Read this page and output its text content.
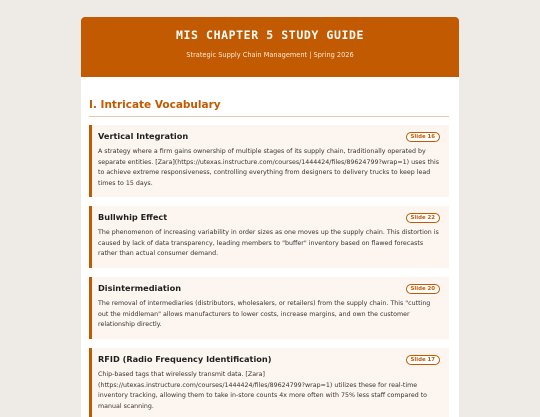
MIS CHAPTER 5 STUDY GUIDE
Strategic Supply Chain Management | Spring 2026
I. Intricate Vocabulary
Vertical Integration	Slide 16
A strategy where a firm gains ownership of multiple stages of its supply chain, traditionally operated by separate entities. [Zara](https://utexas.instructure.com/courses/1444424/files/89624799?wrap=1) uses this to achieve extreme responsiveness, controlling everything from designers to delivery trucks to keep lead times to 15 days.
Bullwhip Effect	Slide 22
The phenomenon of increasing variability in order sizes as one moves up the supply chain. This distortion is caused by lack of data transparency, leading members to "buffer" inventory based on flawed forecasts rather than actual consumer demand.
Disintermediation	Slide 20
The removal of intermediaries (distributors, wholesalers, or retailers) from the supply chain. This "cutting out the middleman" allows manufacturers to lower costs, increase margins, and own the customer relationship directly.
RFID (Radio Frequency Identification)	Slide 17
Chip-based tags that wirelessly transmit data. [Zara](https://utexas.instructure.com/courses/1444424/files/89624799?wrap=1) utilizes these for real-time inventory tracking, allowing them to take in-store counts 4x more often with 75% less staff compared to manual scanning.
